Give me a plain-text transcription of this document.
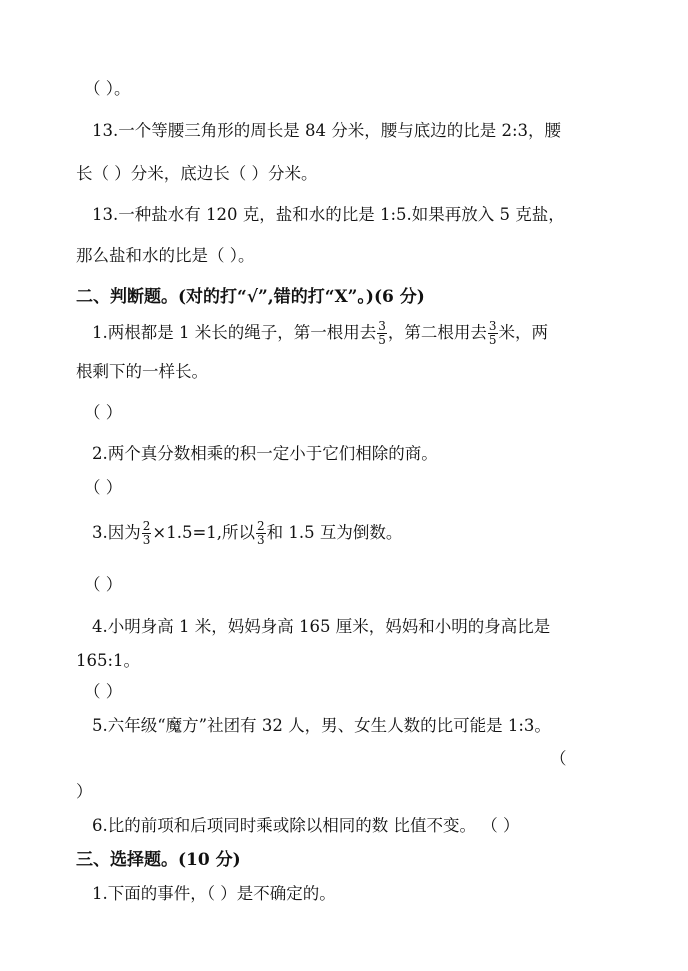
（ ）。
13.一个等腰三角形的周长是 84 分米，腰与底边的比是 2:3，腰
长（ ）分米，底边长（ ）分米。
13.一种盐水有 120 克，盐和水的比是 1:5.如果再放入 5 克盐，
那么盐和水的比是（ ）。
二、判断题。(对的打“√”,错的打“X”。)(6 分)
1.两根都是 1 米长的绳子，第一根用去 $\frac{3}{5}$ ，第二根用去 $\frac{3}{5}$ 米，两
根剩下的一样长。
（ ）
2.两个真分数相乘的积一定小于它们相除的商。
（ ）
3.因为 $\frac{2}{3} \times 1.5=1$,所以 $\frac{2}{3}$ 和 1.5 互为倒数。
（ ）
4.小明身高 1 米，妈妈身高 165 厘米，妈妈和小明的身高比是
165:1。
（ ）
5.六年级“魔方”社团有 32 人，男、女生人数的比可能是 1:3。
（
）
6.比的前项和后项同时乘或除以相同的数 比值不变。 （ ）
三、选择题。(10 分)
1.下面的事件，（ ）是不确定的。
